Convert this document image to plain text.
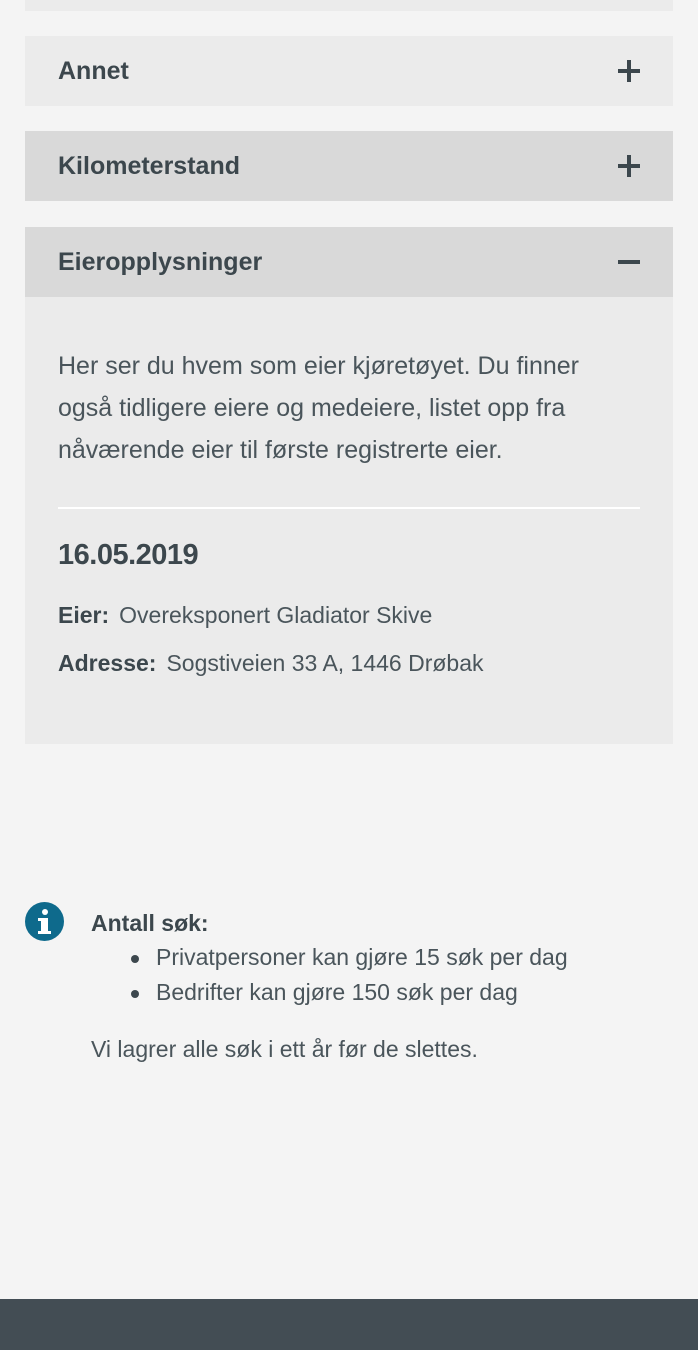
Annet
Kilometerstand
Eieropplysninger

Her ser du hvem som eier kjøretøyet. Du finner også tidligere eiere og medeiere, listet opp fra nåværende eier til første registrerte eier.

16.05.2019
Eier: Overeksponert Gladiator Skive
Adresse: Sogstiveien 33 A, 1446 Drøbak
Antall søk:
Privatpersoner kan gjøre 15 søk per dag
Bedrifter kan gjøre 150 søk per dag
Vi lagrer alle søk i ett år før de slettes.
